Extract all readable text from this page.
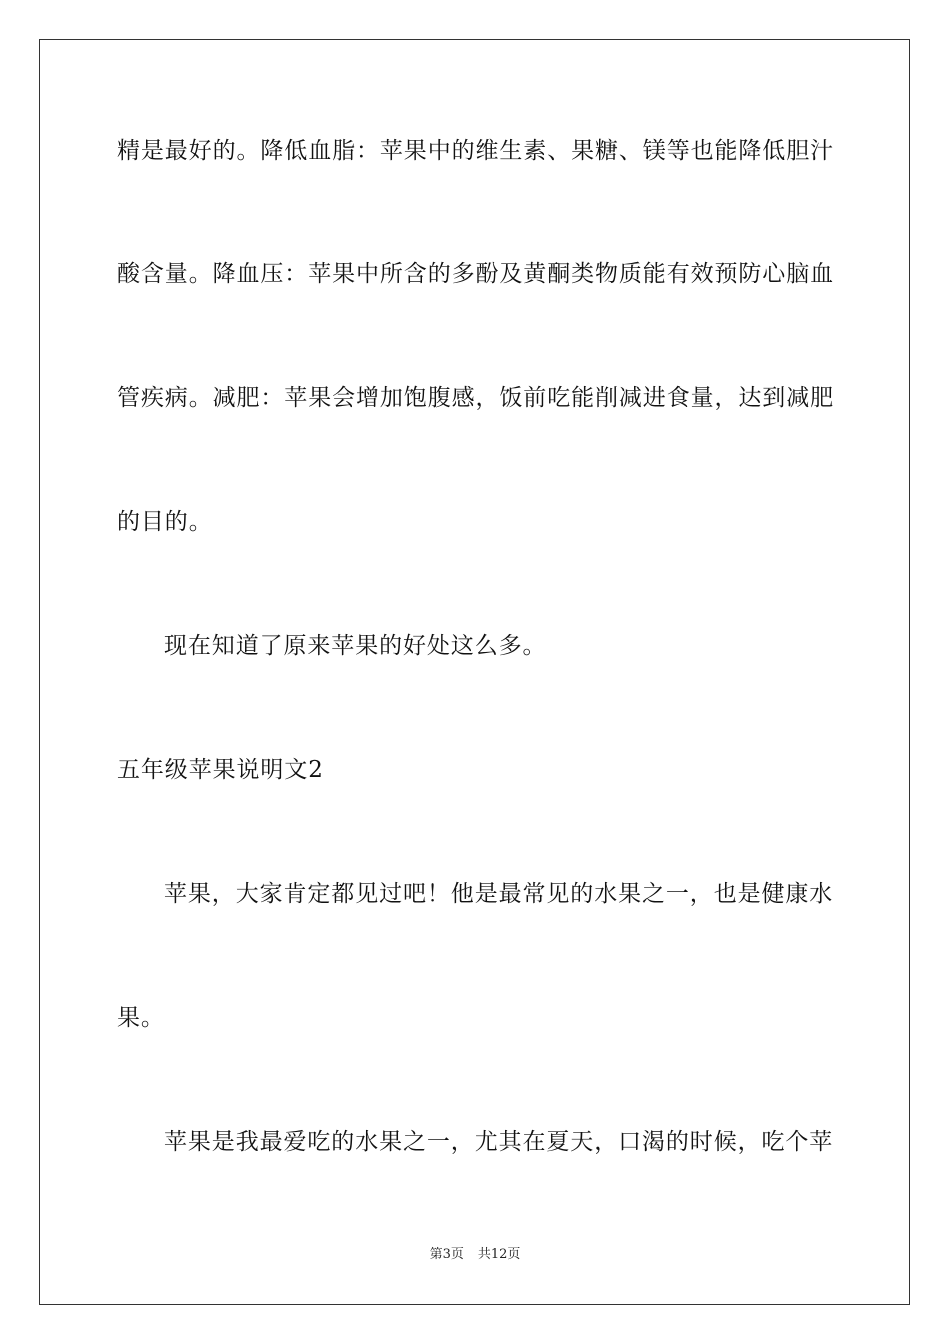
精是最好的。降低血脂：苹果中的维生素、果糖、镁等也能降低胆汁
酸含量。降血压：苹果中所含的多酚及黄酮类物质能有效预防心脑血
管疾病。减肥：苹果会增加饱腹感，饭前吃能削减进食量，达到减肥
的目的。
现在知道了原来苹果的好处这么多。
五年级苹果说明文2
苹果，大家肯定都见过吧！他是最常见的水果之一，也是健康水
果。
苹果是我最爱吃的水果之一，尤其在夏天，口渴的时候，吃个苹
第3页 共12页
